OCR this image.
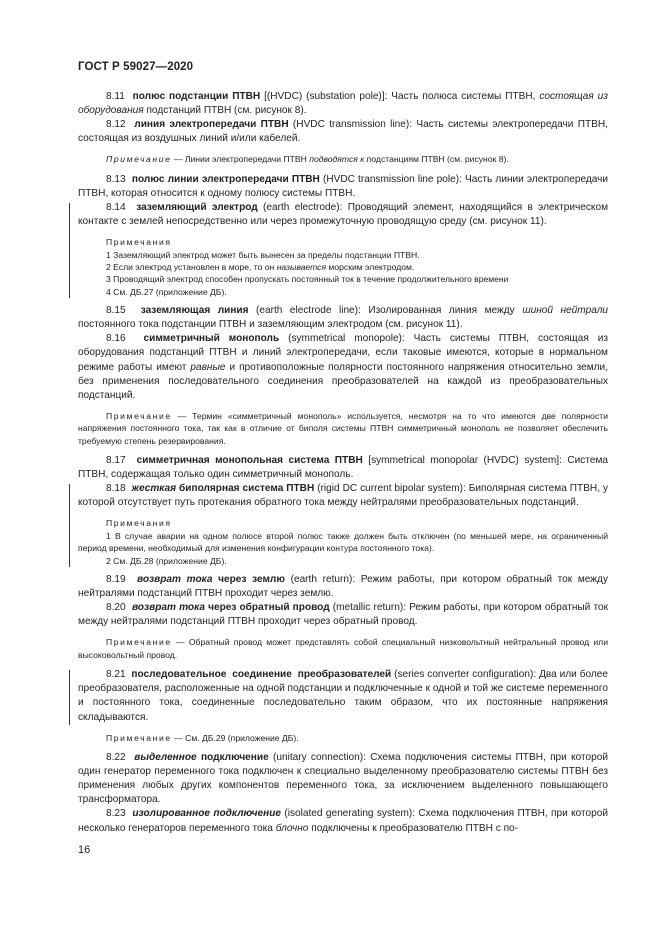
ГОСТ Р 59027—2020

8.11 полюс подстанции ПТВН [(HVDC) (substation pole)]: Часть полюса системы ПТВН, состоящая из оборудования подстанций ПТВН (см. рисунок 8).

8.12 линия электропередачи ПТВН (HVDC transmission line): Часть системы электропередачи ПТВН, состоящая из воздушных линий и/или кабелей.

Примечание — Линии электропередачи ПТВН подводятся к подстанциям ПТВН (см. рисунок 8).

8.13 полюс линии электропередачи ПТВН (HVDC transmission line pole): Часть линии электропередачи ПТВН, которая относится к одному полюсу системы ПТВН.

8.14 заземляющий электрод (earth electrode): Проводящий элемент, находящийся в электрическом контакте с землей непосредственно или через промежуточную проводящую среду (см. рисунок 11).

Примечания

1 Заземляющий электрод может быть вынесен за пределы подстанции ПТВН.

2 Если электрод установлен в море, то он называется морским электродом.

3 Проводящий электрод способен пропускать постоянный ток в течение продолжительного времени

4 См. ДБ.27 (приложение ДБ).

8.15 заземляющая линия (earth electrode line): Изолированная линия между шиной нейтрали постоянного тока подстанции ПТВН и заземляющим электродом (см. рисунок 11).

8.16 симметричный монополь (symmetrical monopole): Часть системы ПТВН, состоящая из оборудования подстанций ПТВН и линий электропередачи, если таковые имеются, которые в нормальном режиме работы имеют равные и противоположные полярности постоянного напряжения относительно земли, без применения последовательного соединения преобразователей на каждой из преобразовательных подстанций.

Примечание — Термин «симметричный монополь» используется, несмотря на то что имеются две полярности напряжения постоянного тока, так как в отличие от биполя системы ПТВН симметричный монополь не позволяет обеспечить требуемую степень резервирования.

8.17 симметричная монопольная система ПТВН [symmetrical monopolar (HVDC) system]: Система ПТВН, содержащая только один симметричный монополь.

8.18 жесткая биполярная система ПТВН (rigid DC current bipolar system): Биполярная система ПТВН, у которой отсутствует путь протекания обратного тока между нейтралями преобразовательных подстанций.

Примечания

1 В случае аварии на одном полюсе второй полюс также должен быть отключен (по меньшей мере, на ограниченный период времени, необходимый для изменения конфигурации контура постоянного тока).

2 См. ДБ.28 (приложение ДБ).

8.19 возврат тока через землю (earth return): Режим работы, при котором обратный ток между нейтралями подстанций ПТВН проходит через землю.

8.20 возврат тока через обратный провод (metallic return): Режим работы, при котором обратный ток между нейтралями подстанций ПТВН проходит через обратный провод.

Примечание — Обратный провод может представлять собой специальный низковольтный нейтральный провод или высоковольтный провод.

8.21 последовательное соединение преобразователей (series converter configuration): Два или более преобразователя, расположенные на одной подстанции и подключенные к одной и той же системе переменного и постоянного тока, соединенные последовательно таким образом, что их постоянные напряжения складываются.

Примечание — См. ДБ.29 (приложение ДБ).

8.22 выделенное подключение (unitary connection): Схема подключения системы ПТВН, при которой один генератор переменного тока подключен к специально выделенному преобразователю системы ПТВН без применения любых других компонентов переменного тока, за исключением выделенного повышающего трансформатора.

8.23 изолированное подключение (isolated generating system): Схема подключения ПТВН, при которой несколько генераторов переменного тока блочно подключены к преобразователю ПТВН с по-

16
